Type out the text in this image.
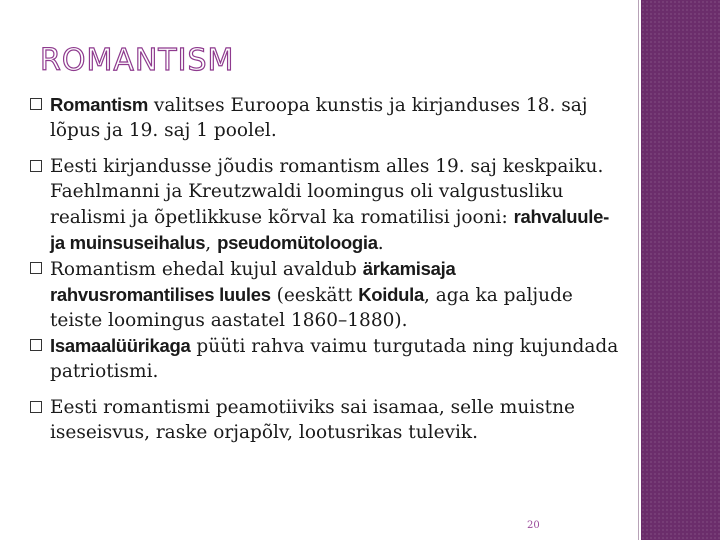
ROMANTISM

Romantism valitses Euroopa kunstis ja kirjanduses 18. saj lõpus ja 19. saj 1 poolel.

Eesti kirjandusse jõudis romantism alles 19. saj keskpaiku. Faehlmanni ja Kreutzwaldi loomingus oli valgustusliku realismi ja õpetlikkuse kõrval ka romatilisi jooni: rahvaluule- ja muinsuseihalus, pseudomütoloogia.

Romantism ehedal kujul avaldub ärkamisaja rahvusromantilises luules (eeskätt Koidula, aga ka paljude teiste loomingus aastatel 1860–1880).

Isamaalüürikaga püüti rahva vaimu turgutada ning kujundada patriotismi.

Eesti romantismi peamotiiviks sai isamaa, selle muistne iseseisvus, raske orjapõlv, lootusrikas tulevik.

20
